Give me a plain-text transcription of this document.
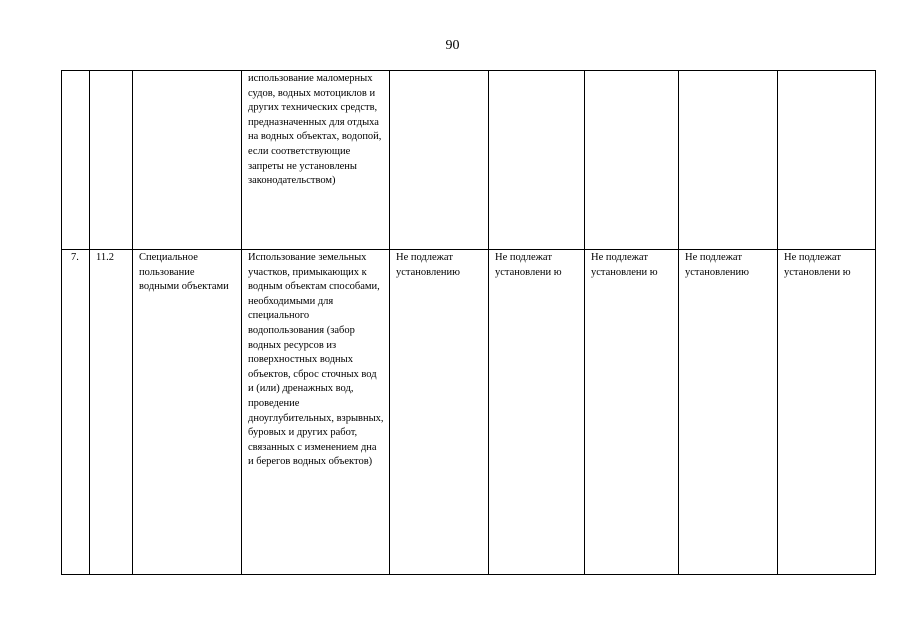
90

			использование маломерных судов, водных мотоциклов и других технических средств, предназначенных для отдыха на водных объектах, водопой, если соответствующие запреты не установлены законодательством)					

7.	11.2	Специальное пользование водными объектами	Использование земельных участков, примыкающих к водным объектам способами, необходимыми для специального водопользования (забор водных ресурсов из поверхностных водных объектов, сброс сточных вод и (или) дренажных вод, проведение дноуглубительных, взрывных, буровых и других работ, связанных с изменением дна и берегов водных объектов)	Не подлежат установлению	Не подлежат установлени ю	Не подлежат установлени ю	Не подлежат установлению	Не подлежат установлени ю
